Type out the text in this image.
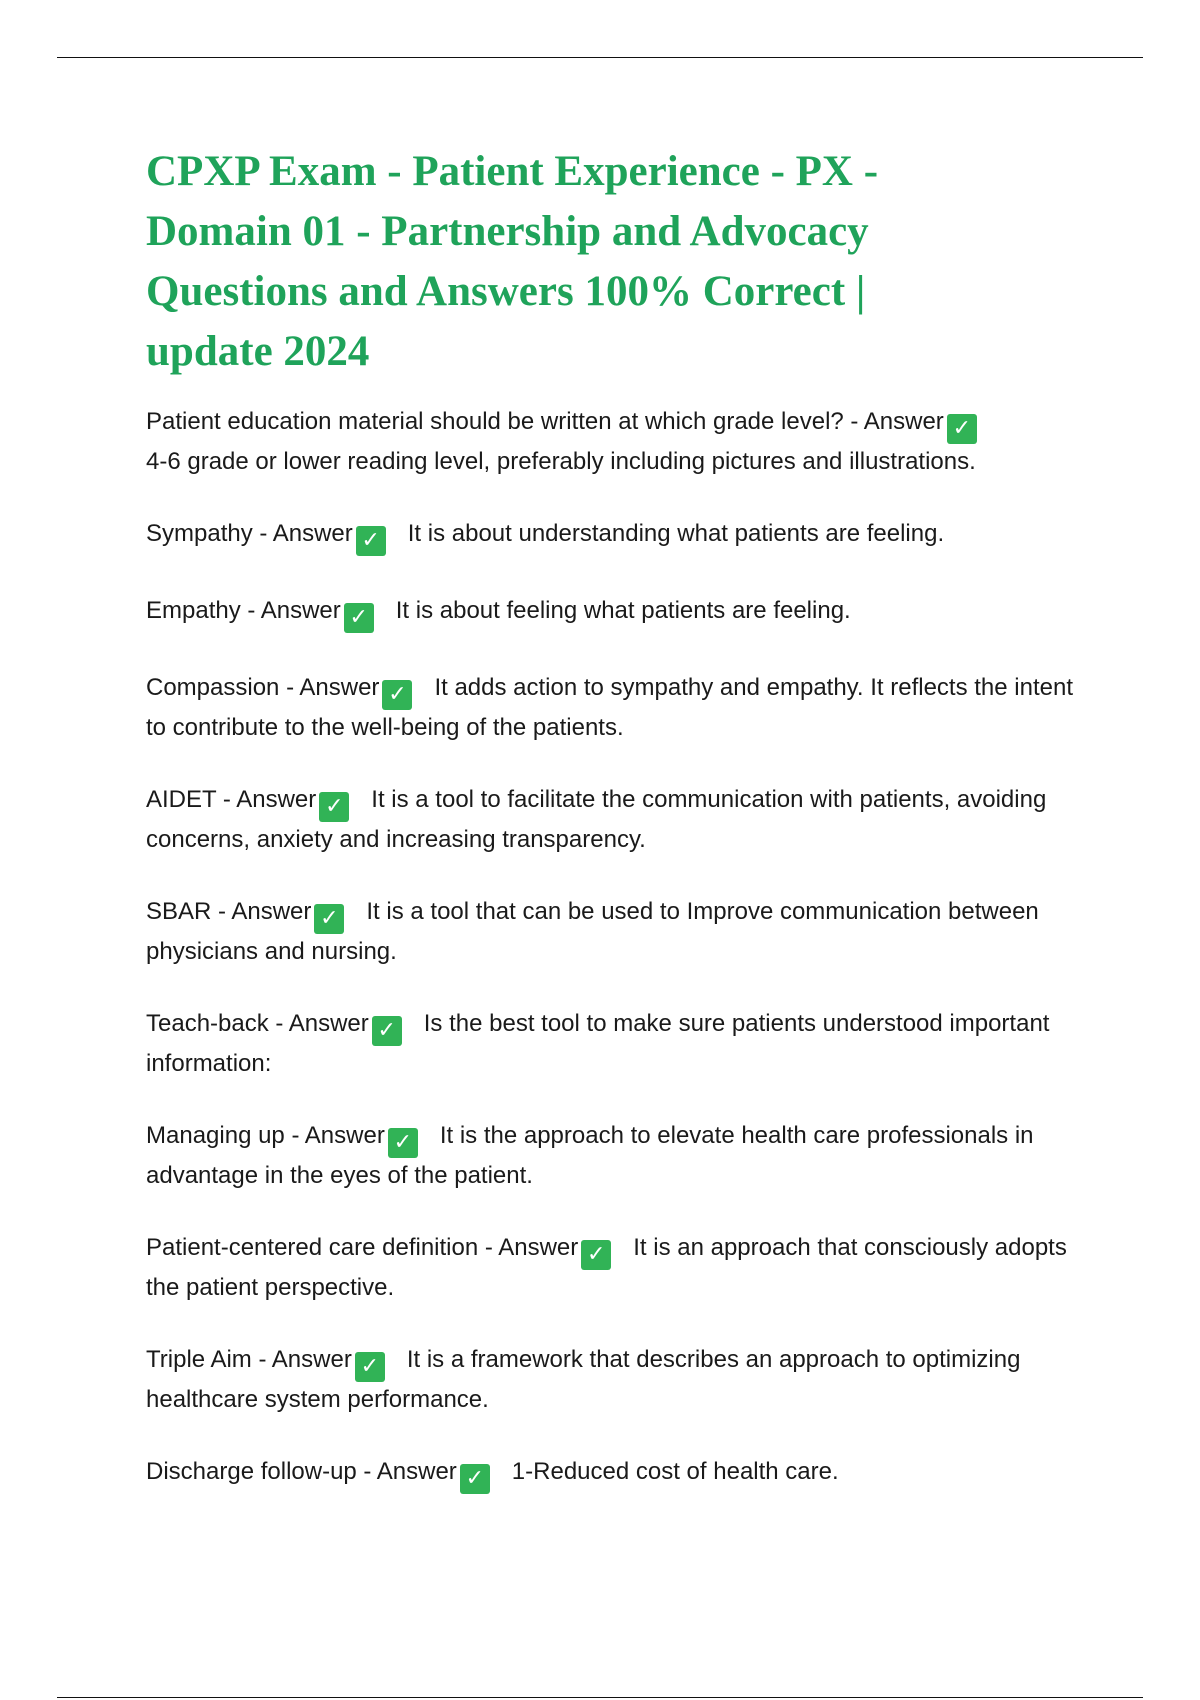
CPXP Exam - Patient Experience - PX -
Domain 01 - Partnership and Advocacy
Questions and Answers 100% Correct |
update 2024

Patient education material should be written at which grade level? - Answer ✓
4-6 grade or lower reading level, preferably including pictures and illustrations.

Sympathy - Answer ✓ It is about understanding what patients are feeling.

Empathy - Answer ✓ It is about feeling what patients are feeling.

Compassion - Answer ✓ It adds action to sympathy and empathy. It reflects the intent to contribute to the well-being of the patients.

AIDET - Answer ✓ It is a tool to facilitate the communication with patients, avoiding concerns, anxiety and increasing transparency.

SBAR - Answer ✓ It is a tool that can be used to Improve communication between physicians and nursing.

Teach-back - Answer ✓ Is the best tool to make sure patients understood important information:

Managing up - Answer ✓ It is the approach to elevate health care professionals in advantage in the eyes of the patient.

Patient-centered care definition - Answer ✓ It is an approach that consciously adopts the patient perspective.

Triple Aim - Answer ✓ It is a framework that describes an approach to optimizing healthcare system performance.

Discharge follow-up - Answer ✓ 1-Reduced cost of health care.
